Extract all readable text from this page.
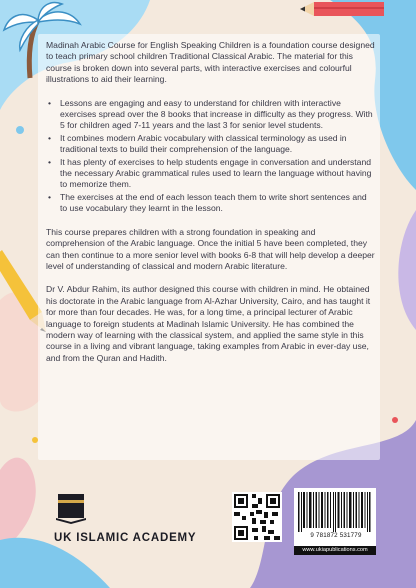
Madinah Arabic Course for English Speaking Children is a foundation course designed to teach primary school children Traditional Classical Arabic. The material for this course is broken down into several parts, with interactive exercises and colourful illustrations to aid their learning.

• Lessons are engaging and easy to understand for children with interactive exercises spread over the 8 books that increase in difficulty as they progress. With 5 for children aged 7-11 years and the last 3 for senior level students.
• It combines modern Arabic vocabulary with classical terminology as used in traditional texts to build their comprehension of the language.
• It has plenty of exercises to help students engage in conversation and understand the necessary Arabic grammatical rules used to learn the language without having to memorize them.
• The exercises at the end of each lesson teach them to write short sentences and to use vocabulary they learnt in the lesson.

This course prepares children with a strong foundation in speaking and comprehension of the Arabic language. Once the initial 5 have been completed, they can then continue to a more senior level with books 6-8 that will help develop a deeper level of understanding of classical and modern Arabic literature.

Dr V. Abdur Rahim, its author designed this course with children in mind. He obtained his doctorate in the Arabic language from Al-Azhar University, Cairo, and has taught it for more than four decades. He was, for a long time, a principal lecturer of Arabic language to foreign students at Madinah Islamic University. He has combined the modern way of learning with the classical system, and applied the same style in this course in a living and vibrant language, taking examples from Arabic in ever-day use, and from the Quran and Hadith.

UK ISLAMIC ACADEMY	9 781872 531779
www.ukiapublications.com
